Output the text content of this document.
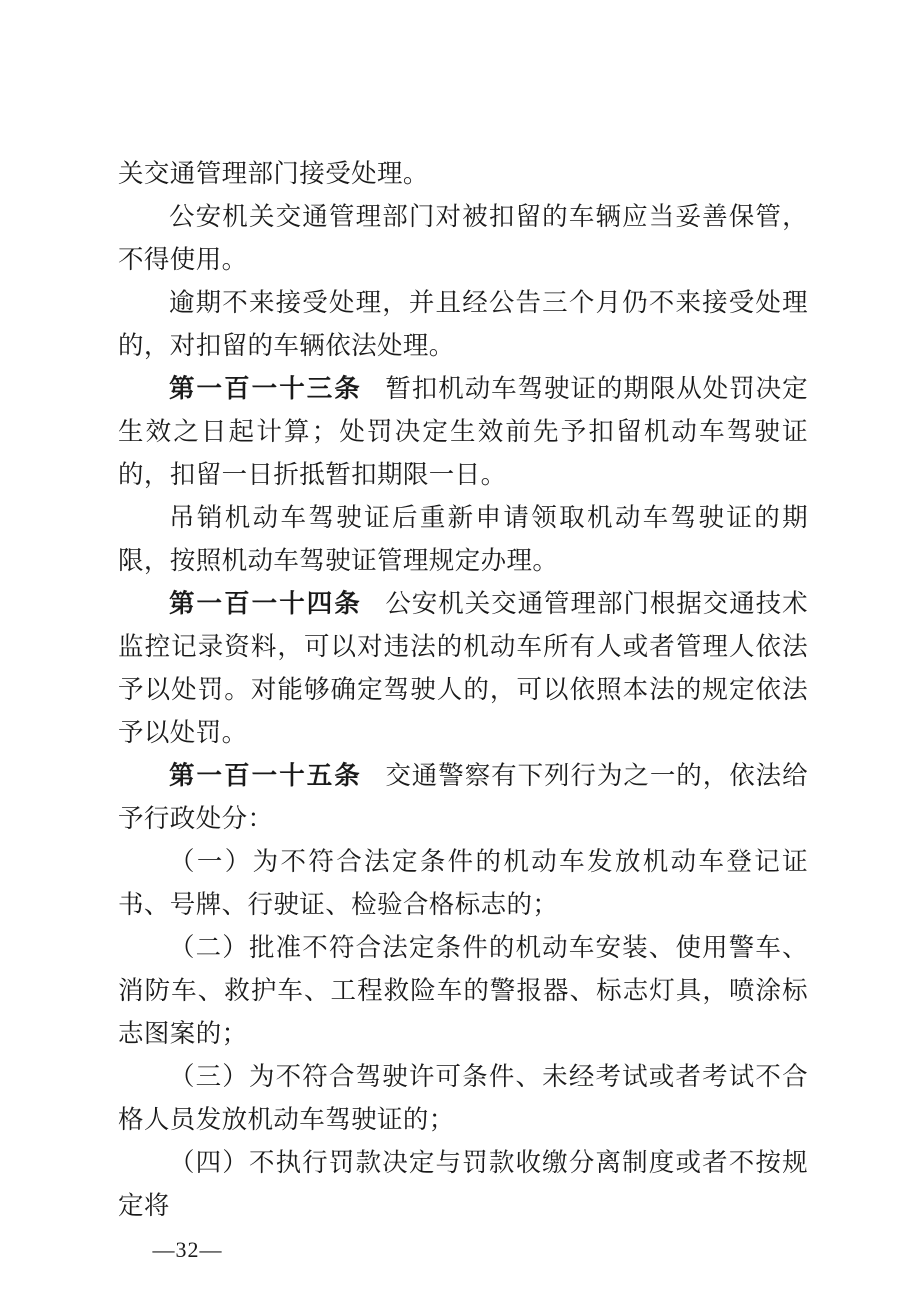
关交通管理部门接受处理。

公安机关交通管理部门对被扣留的车辆应当妥善保管，不得使用。

逾期不来接受处理，并且经公告三个月仍不来接受处理的，对扣留的车辆依法处理。

第一百一十三条 暂扣机动车驾驶证的期限从处罚决定生效之日起计算；处罚决定生效前先予扣留机动车驾驶证的，扣留一日折抵暂扣期限一日。

吊销机动车驾驶证后重新申请领取机动车驾驶证的期限，按照机动车驾驶证管理规定办理。

第一百一十四条 公安机关交通管理部门根据交通技术监控记录资料，可以对违法的机动车所有人或者管理人依法予以处罚。对能够确定驾驶人的，可以依照本法的规定依法予以处罚。

第一百一十五条 交通警察有下列行为之一的，依法给予行政处分：

（一）为不符合法定条件的机动车发放机动车登记证书、号牌、行驶证、检验合格标志的；

（二）批准不符合法定条件的机动车安装、使用警车、消防车、救护车、工程救险车的警报器、标志灯具，喷涂标志图案的；

（三）为不符合驾驶许可条件、未经考试或者考试不合格人员发放机动车驾驶证的；

（四）不执行罚款决定与罚款收缴分离制度或者不按规定将

—32—
